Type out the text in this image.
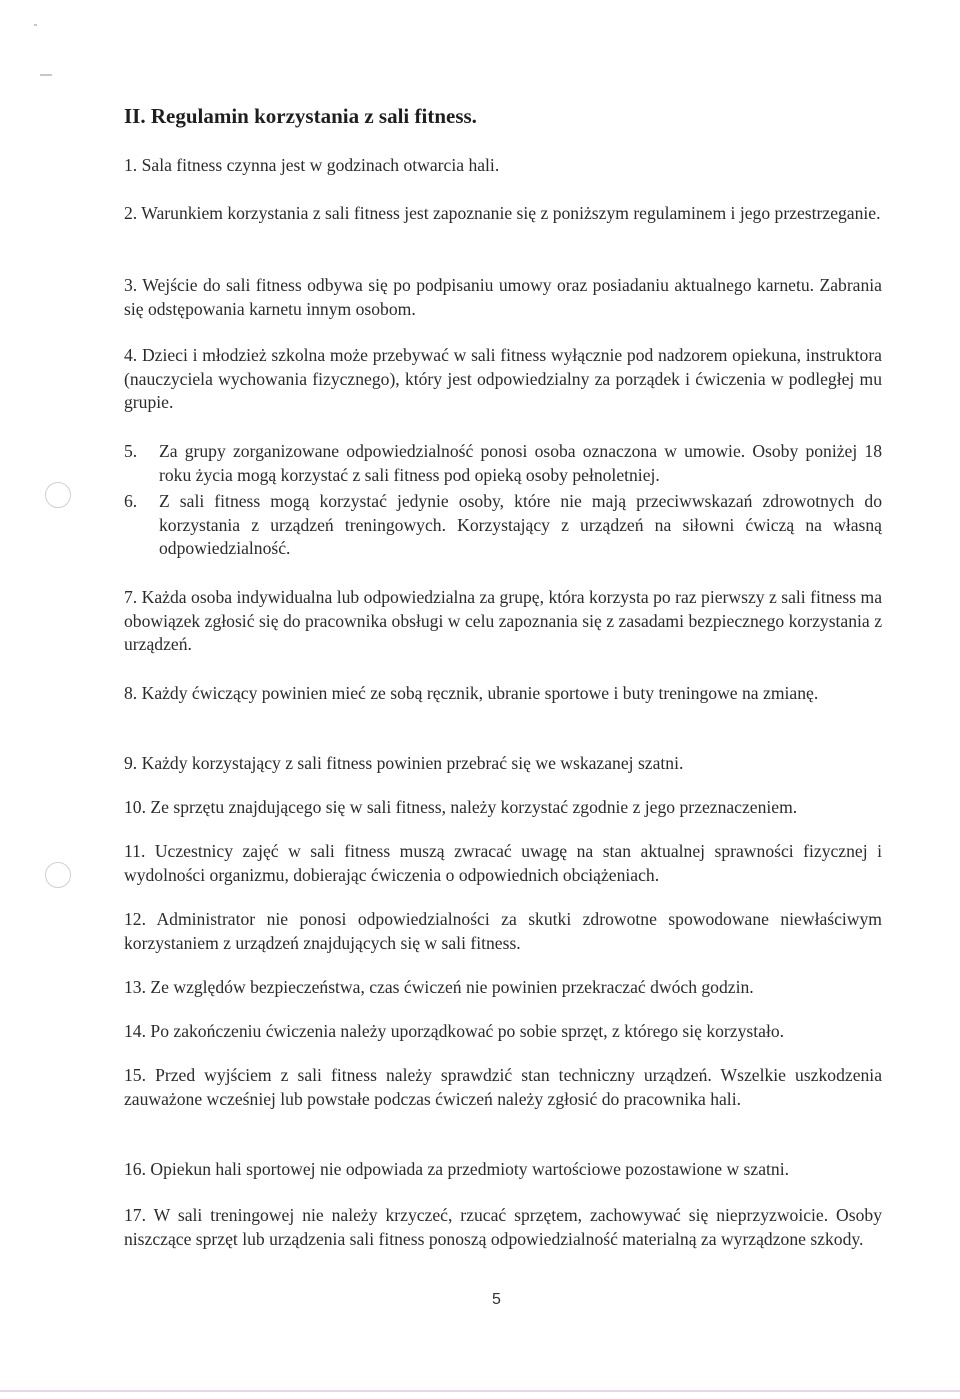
II. Regulamin korzystania z sali fitness.

1. Sala fitness czynna jest w godzinach otwarcia hali.

2. Warunkiem korzystania z sali fitness jest zapoznanie się z poniższym regulaminem i jego przestrzeganie.

3. Wejście do sali fitness odbywa się po podpisaniu umowy oraz posiadaniu aktualnego karnetu. Zabrania się odstępowania karnetu innym osobom.

4. Dzieci i młodzież szkolna może przebywać w sali fitness wyłącznie pod nadzorem opiekuna, instruktora (nauczyciela wychowania fizycznego), który jest odpowiedzialny za porządek i ćwiczenia w podległej mu grupie.

5. Za grupy zorganizowane odpowiedzialność ponosi osoba oznaczona w umowie. Osoby poniżej 18 roku życia mogą korzystać z sali fitness pod opieką osoby pełnoletniej.

6. Z sali fitness mogą korzystać jedynie osoby, które nie mają przeciwwskazań zdrowotnych do korzystania z urządzeń treningowych. Korzystający z urządzeń na siłowni ćwiczą na własną odpowiedzialność.

7. Każda osoba indywidualna lub odpowiedzialna za grupę, która korzysta po raz pierwszy z sali fitness ma obowiązek zgłosić się do pracownika obsługi w celu zapoznania się z zasadami bezpiecznego korzystania z urządzeń.

8. Każdy ćwiczący powinien mieć ze sobą ręcznik, ubranie sportowe i buty treningowe na zmianę.

9. Każdy korzystający z sali fitness powinien przebrać się we wskazanej szatni.

10. Ze sprzętu znajdującego się w sali fitness, należy korzystać zgodnie z jego przeznaczeniem.

11. Uczestnicy zajęć w sali fitness muszą zwracać uwagę na stan aktualnej sprawności fizycznej i wydolności organizmu, dobierając ćwiczenia o odpowiednich obciążeniach.

12. Administrator nie ponosi odpowiedzialności za skutki zdrowotne spowodowane niewłaściwym korzystaniem z urządzeń znajdujących się w sali fitness.

13. Ze względów bezpieczeństwa, czas ćwiczeń nie powinien przekraczać dwóch godzin.

14. Po zakończeniu ćwiczenia należy uporządkować po sobie sprzęt, z którego się korzystało.

15. Przed wyjściem z sali fitness należy sprawdzić stan techniczny urządzeń. Wszelkie uszkodzenia zauważone wcześniej lub powstałe podczas ćwiczeń należy zgłosić do pracownika hali.

16. Opiekun hali sportowej nie odpowiada za przedmioty wartościowe pozostawione w szatni.

17. W sali treningowej nie należy krzyczeć, rzucać sprzętem, zachowywać się nieprzyzwoicie. Osoby niszczące sprzęt lub urządzenia sali fitness ponoszą odpowiedzialność materialną za wyrządzone szkody.

5
